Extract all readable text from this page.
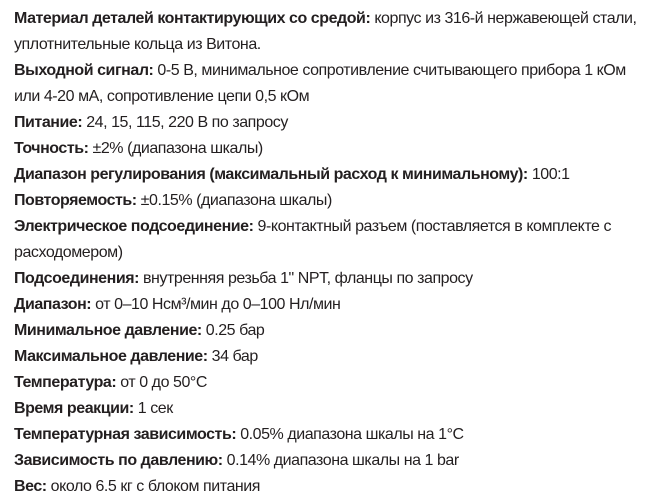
Материал деталей контактирующих со средой: корпус из 316-й нержавеющей стали, уплотнительные кольца из Витона.

Выходной сигнал: 0-5 В, минимальное сопротивление считывающего прибора 1 кОм или 4-20 мА, сопротивление цепи 0,5 кОм

Питание: 24, 15, 115, 220 В по запросу

Точность: ±2% (диапазона шкалы)

Диапазон регулирования (максимальный расход к минимальному): 100:1

Повторяемость: ±0.15% (диапазона шкалы)

Электрическое подсоединение: 9-контактный разъем (поставляется в комплекте с расходомером)

Подсоединения: внутренняя резьба 1" NPT, фланцы по запросу

Диапазон: от 0–10 Нсм³/мин до 0–100 Нл/мин

Минимальное давление: 0.25 бар

Максимальное давление: 34 бар

Температура: от 0 до 50°C

Время реакции: 1 сек

Температурная зависимость: 0.05% диапазона шкалы на 1°C

Зависимость по давлению: 0.14% диапазона шкалы на 1 bar

Вес: около 6.5 кг с блоком питания
